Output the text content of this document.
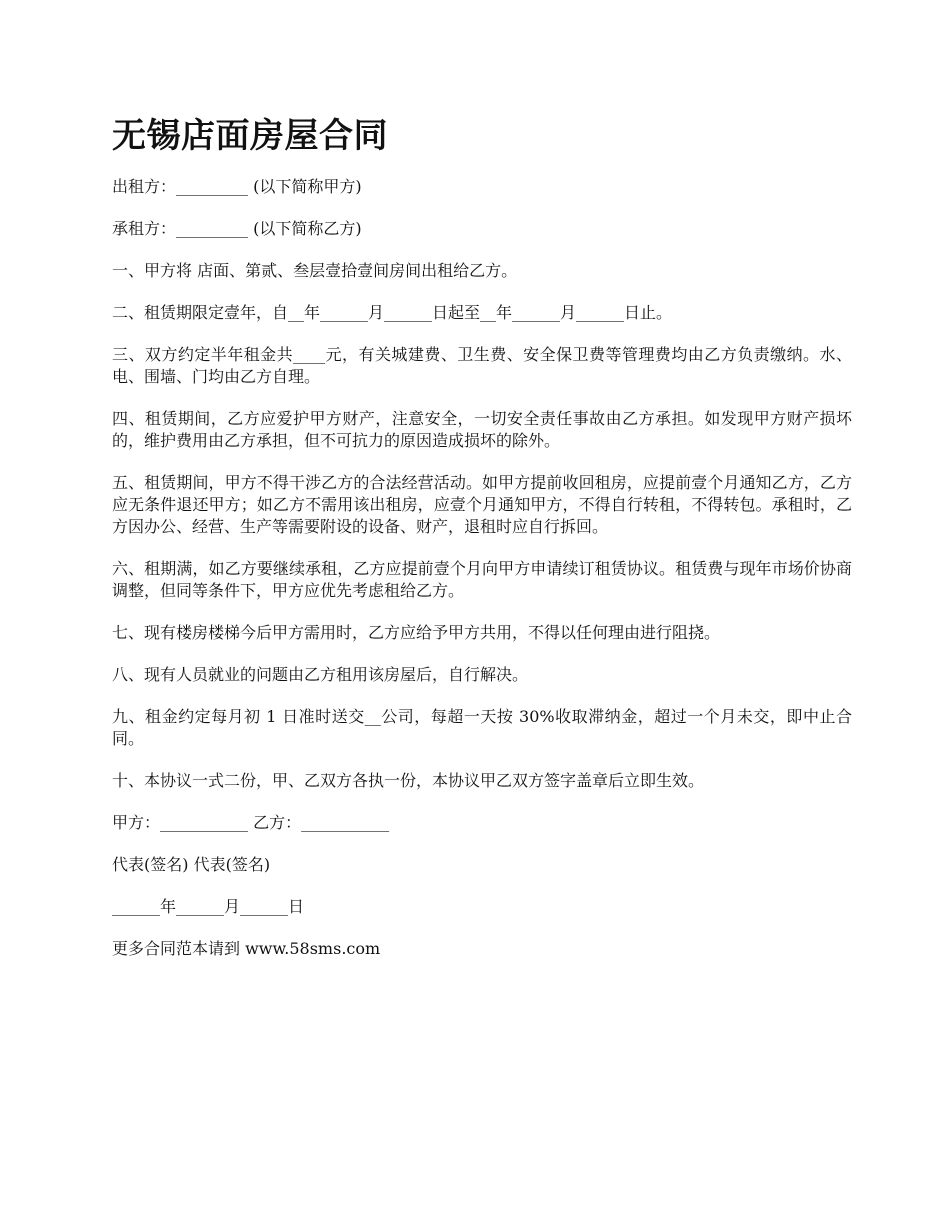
无锡店面房屋合同

出租方：_________ (以下简称甲方)

承租方：_________ (以下简称乙方)

一、甲方将 店面、第贰、叁层壹拾壹间房间出租给乙方。

二、租赁期限定壹年，自__年______月______日起至__年______月______日止。

三、双方约定半年租金共____元，有关城建费、卫生费、安全保卫费等管理费均由乙方负责缴纳。水、电、围墙、门均由乙方自理。

四、租赁期间，乙方应爱护甲方财产，注意安全，一切安全责任事故由乙方承担。如发现甲方财产损坏的，维护费用由乙方承担，但不可抗力的原因造成损坏的除外。

五、租赁期间，甲方不得干涉乙方的合法经营活动。如甲方提前收回租房，应提前壹个月通知乙方，乙方应无条件退还甲方；如乙方不需用该出租房，应壹个月通知甲方，不得自行转租，不得转包。承租时，乙方因办公、经营、生产等需要附设的设备、财产，退租时应自行拆回。

六、租期满，如乙方要继续承租，乙方应提前壹个月向甲方申请续订租赁协议。租赁费与现年市场价协商调整，但同等条件下，甲方应优先考虑租给乙方。

七、现有楼房楼梯今后甲方需用时，乙方应给予甲方共用，不得以任何理由进行阻挠。

八、现有人员就业的问题由乙方租用该房屋后，自行解决。

九、租金约定每月初 1 日准时送交__公司，每超一天按 30%收取滞纳金，超过一个月未交，即中止合同。

十、本协议一式二份，甲、乙双方各执一份，本协议甲乙双方签字盖章后立即生效。

甲方：___________ 乙方：___________

代表(签名) 代表(签名)

______年______月______日

更多合同范本请到 www.58sms.com
